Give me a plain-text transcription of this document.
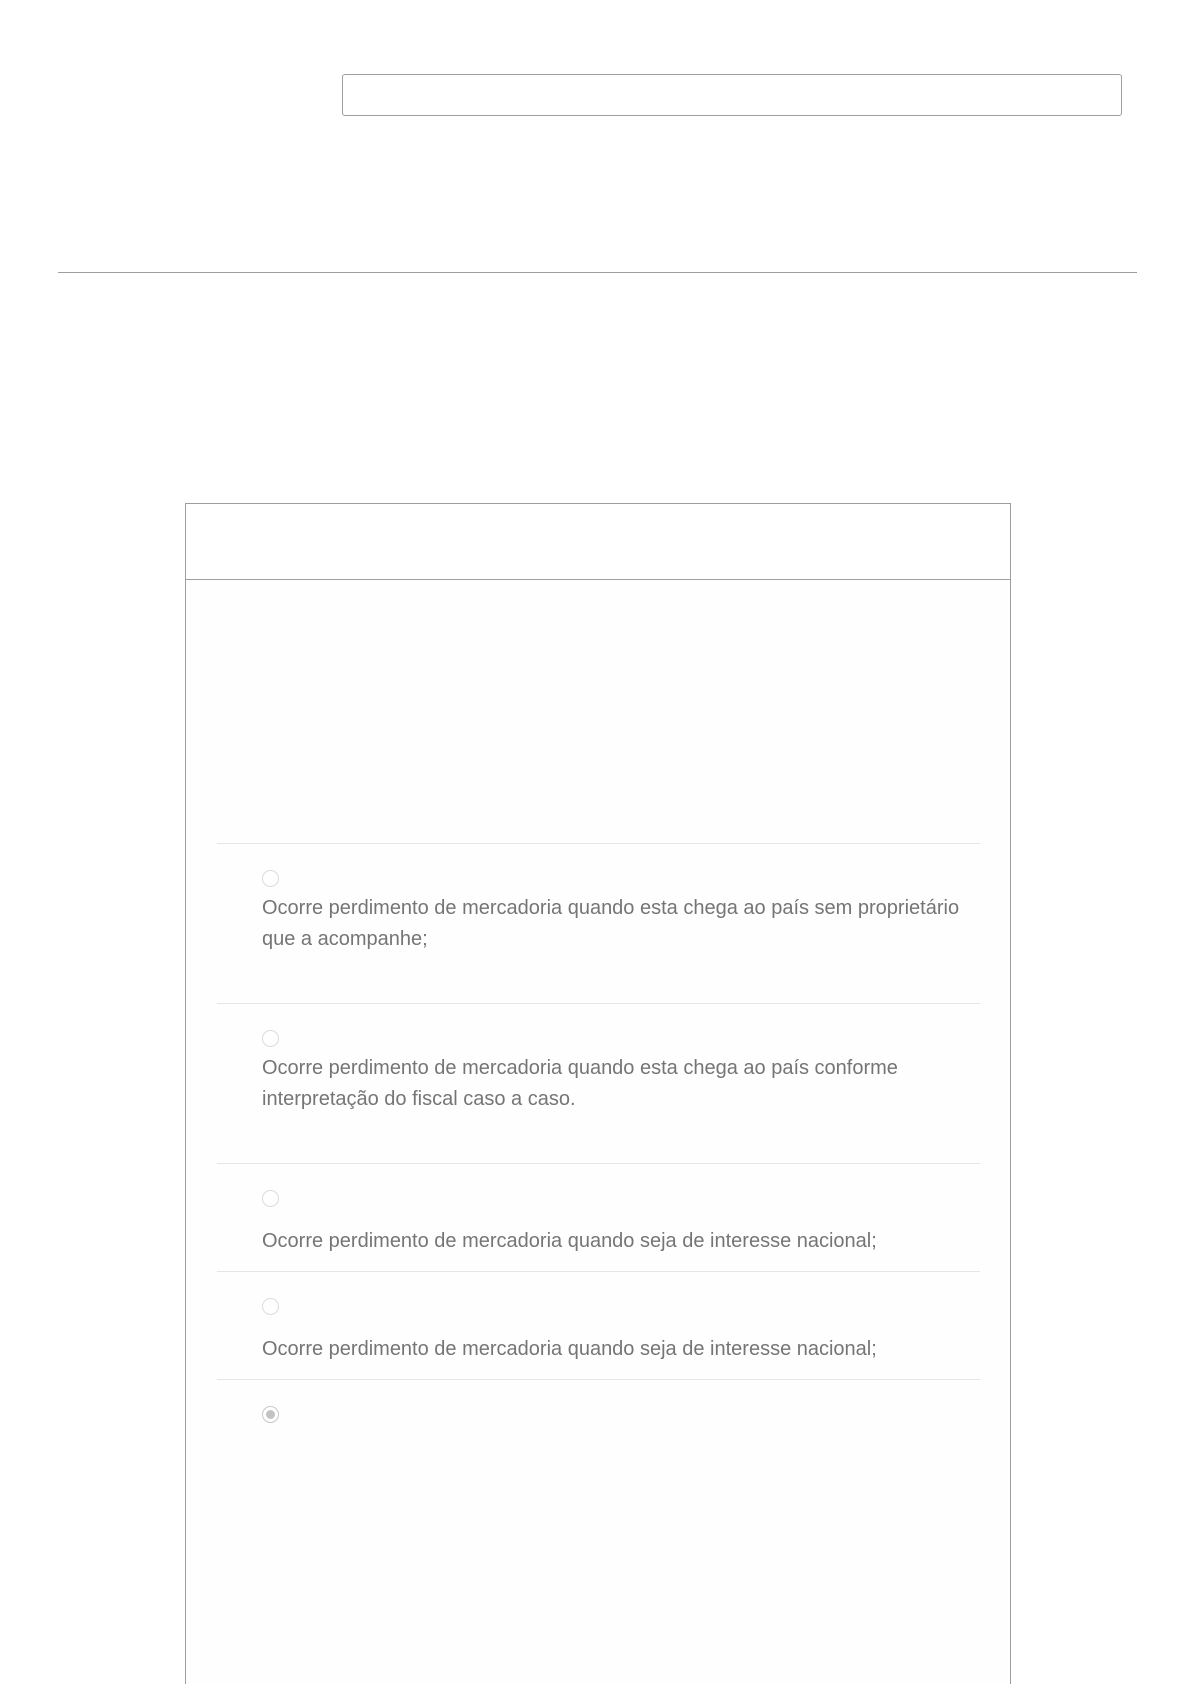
Ocorre perdimento de mercadoria quando esta chega ao país sem proprietário que a acompanhe;

Ocorre perdimento de mercadoria quando esta chega ao país conforme interpretação do fiscal caso a caso.

Ocorre perdimento de mercadoria quando seja de interesse nacional;

Ocorre perdimento de mercadoria quando seja de interesse nacional;
